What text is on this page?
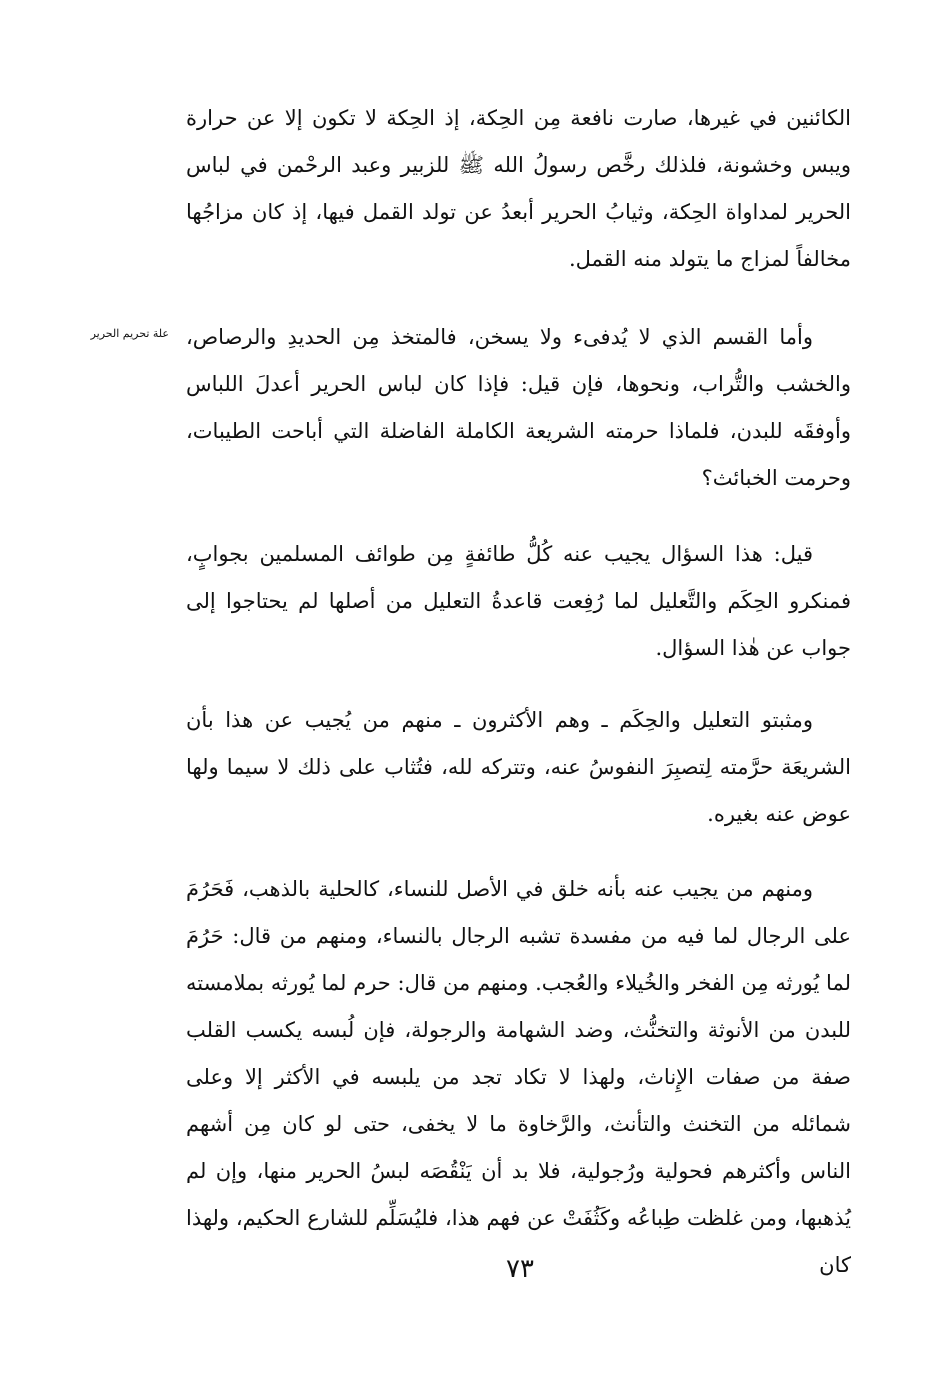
الكائنين في غيرها، صارت نافعة مِن الحِكة، إذ الحِكة لا تكون إلا عن حرارة ويبس وخشونة، فلذلك رخَّص رسولُ الله ﷺ للزبير وعبد الرحْمن في لباس الحرير لمداواة الحِكة، وثيابُ الحرير أبعدُ عن تولد القمل فيها، إذ كان مزاجُها مخالفاً لمزاج ما يتولد منه القمل.

علة تحريم الحرير وأما القسم الذي لا يُدفىء ولا يسخن، فالمتخذ مِن الحديدِ والرصاص، والخشب والتُّراب، ونحوها، فإن قيل: فإذا كان لباس الحرير أعدلَ اللباس وأوفقَه للبدن، فلماذا حرمته الشريعة الكاملة الفاضلة التي أباحت الطيبات، وحرمت الخبائث؟

قيل: هذا السؤال يجيب عنه كُلُّ طائفةٍ مِن طوائف المسلمين بجوابٍ، فمنكرو الحِكَم والتَّعليل لما رُفِعت قاعدةُ التعليل من أصلها لم يحتاجوا إلى جواب عن هٰذا السؤال.

ومثبتو التعليل والحِكَم ـ وهم الأكثرون ـ منهم من يُجيب عن هذا بأن الشريعَة حرَّمته لِتصبِرَ النفوسُ عنه، وتتركه لله، فتُثاب على ذلك لا سيما ولها عوض عنه بغيره.

ومنهم من يجيب عنه بأنه خلق في الأصل للنساء، كالحلية بالذهب، فَحَرُمَ على الرجال لما فيه من مفسدة تشبه الرجال بالنساء، ومنهم من قال: حَرُمَ لما يُورثه مِن الفخر والخُيلاء والعُجب. ومنهم من قال: حرم لما يُورثه بملامسته للبدن من الأنوثة والتخنُّث، وضد الشهامة والرجولة، فإن لُبسه يكسب القلب صفة من صفات الإِناث، ولهذا لا تكاد تجد من يلبسه في الأكثر إلا وعلى شمائله من التخنث والتأنث، والرَّخاوة ما لا يخفى، حتى لو كان مِن أشهم الناس وأكثرهم فحولية ورُجولية، فلا بد أن يَنْقُصَه لبسُ الحرير منها، وإن لم يُذهبها، ومن غلظت طِباعُه وكَثُفَتْ عن فهم هذا، فليُسَلِّم للشارع الحكيم، ولهذا كان

٧٣
